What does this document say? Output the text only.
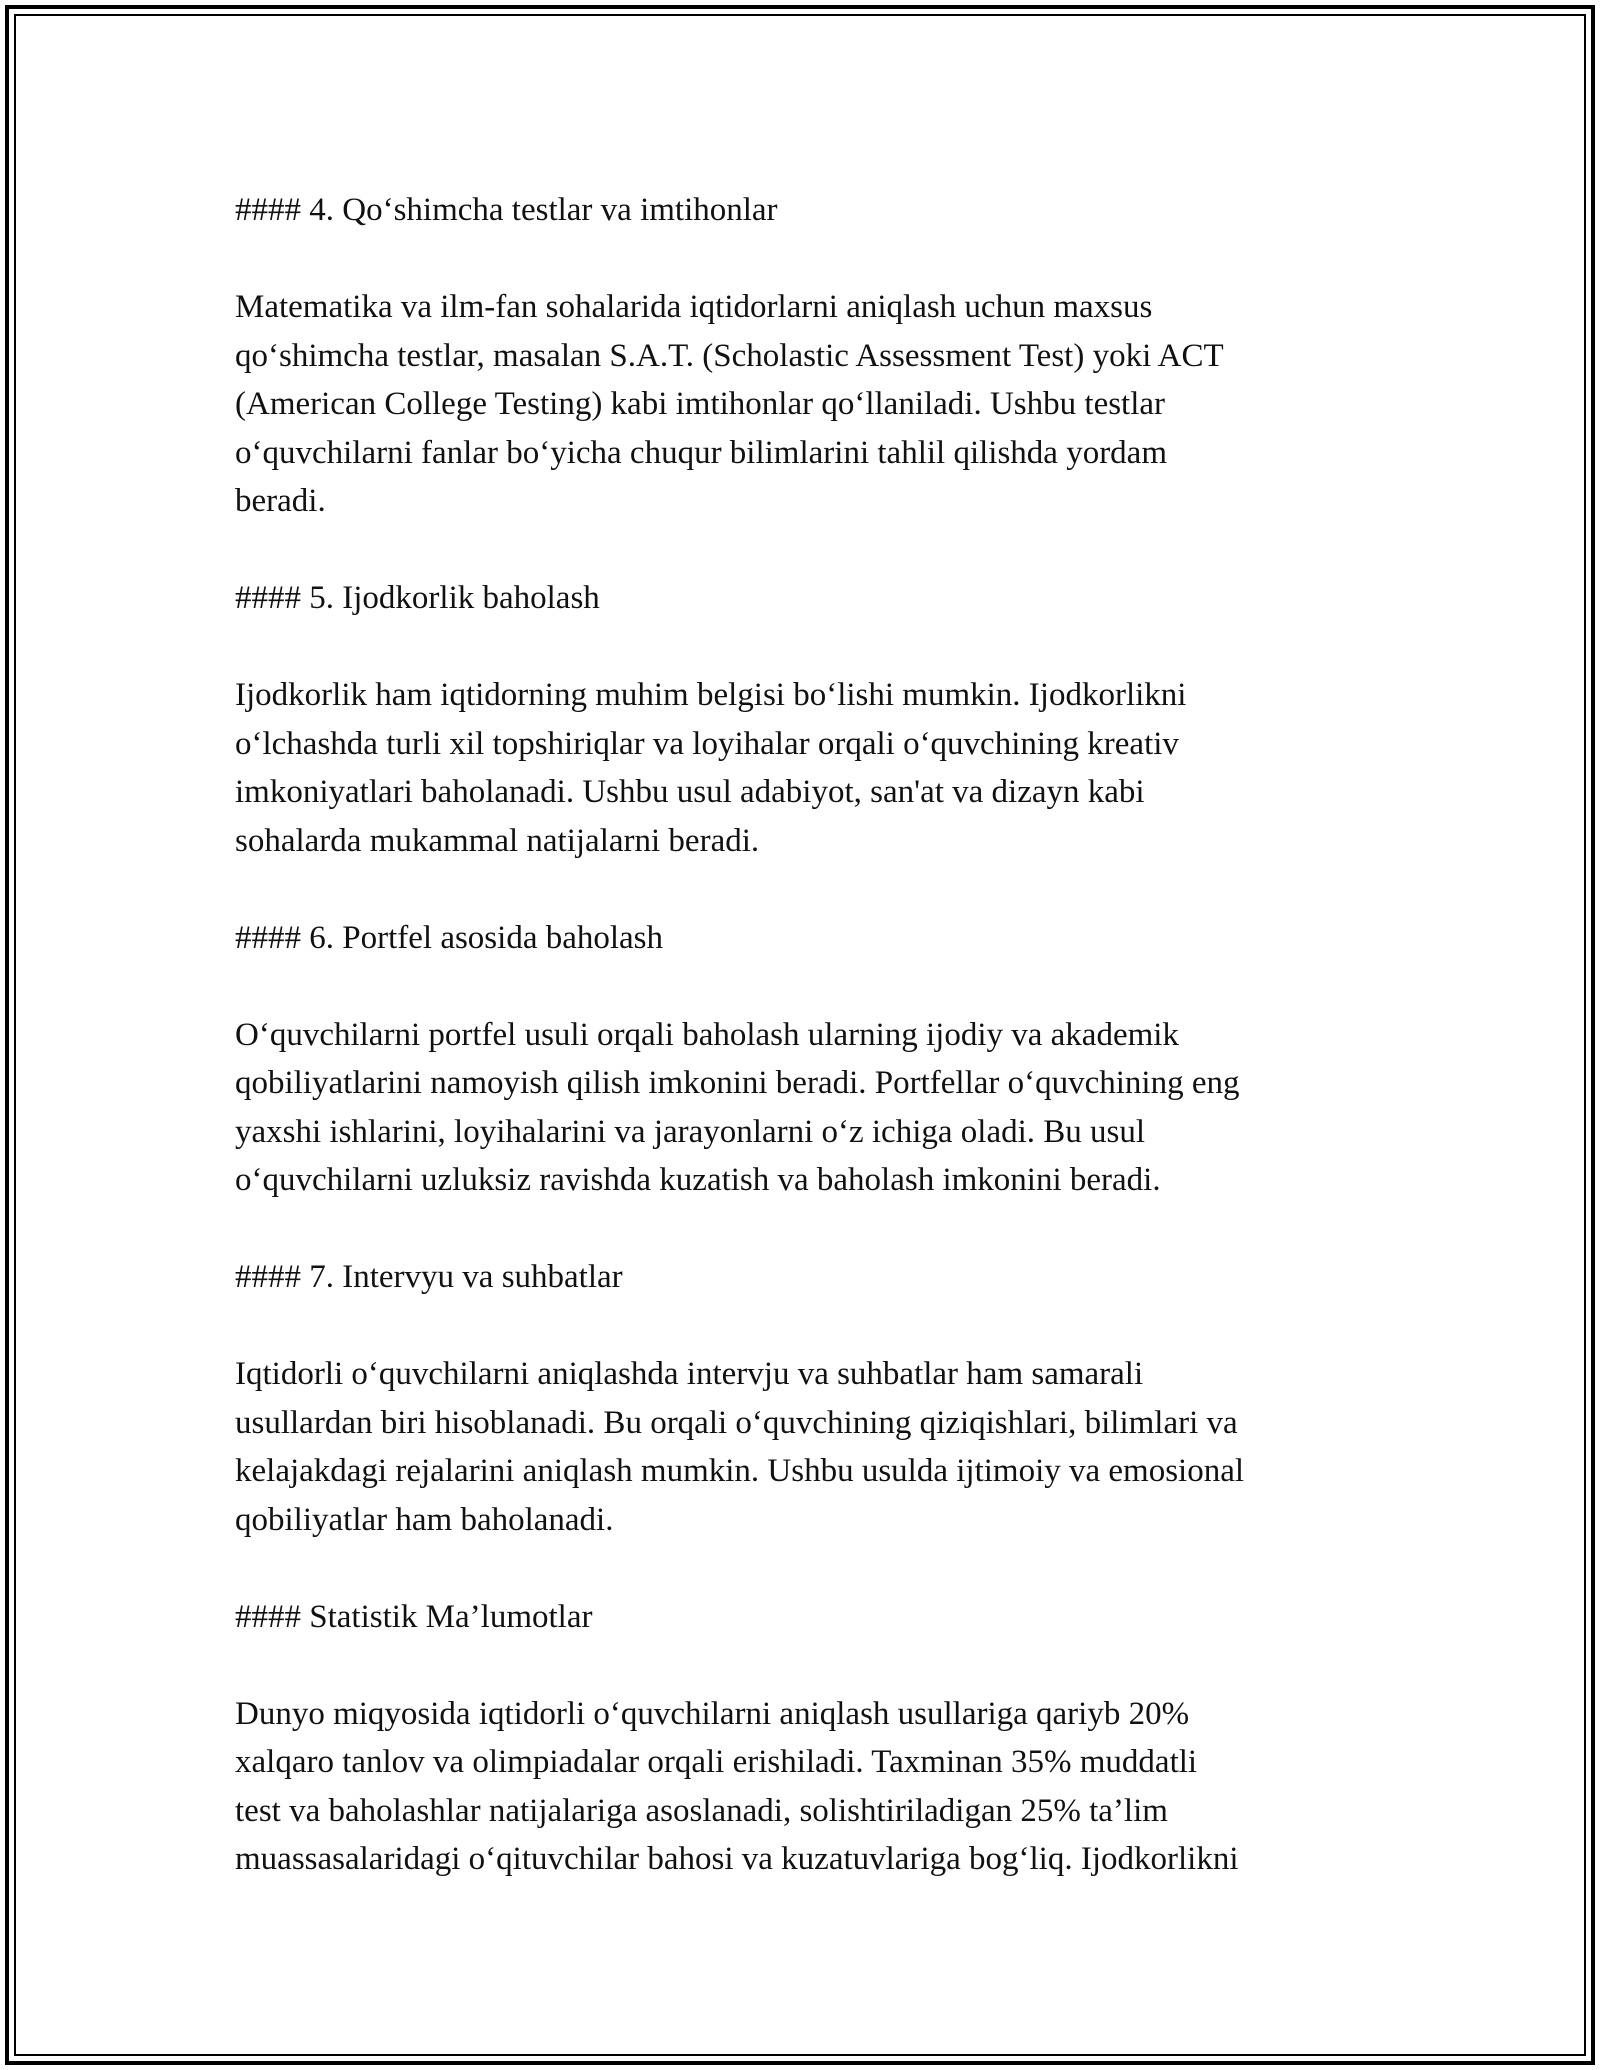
#### 4. Qo‘shimcha testlar va imtihonlar

Matematika va ilm-fan sohalarida iqtidorlarni aniqlash uchun maxsus
qo‘shimcha testlar, masalan S.A.T. (Scholastic Assessment Test) yoki ACT
(American College Testing) kabi imtihonlar qo‘llaniladi. Ushbu testlar
o‘quvchilarni fanlar bo‘yicha chuqur bilimlarini tahlil qilishda yordam
beradi.

#### 5. Ijodkorlik baholash

Ijodkorlik ham iqtidorning muhim belgisi bo‘lishi mumkin. Ijodkorlikni
o‘lchashda turli xil topshiriqlar va loyihalar orqali o‘quvchining kreativ
imkoniyatlari baholanadi. Ushbu usul adabiyot, san'at va dizayn kabi
sohalarda mukammal natijalarni beradi.

#### 6. Portfel asosida baholash

O‘quvchilarni portfel usuli orqali baholash ularning ijodiy va akademik
qobiliyatlarini namoyish qilish imkonini beradi. Portfellar o‘quvchining eng
yaxshi ishlarini, loyihalarini va jarayonlarni o‘z ichiga oladi. Bu usul
o‘quvchilarni uzluksiz ravishda kuzatish va baholash imkonini beradi.

#### 7. Intervyu va suhbatlar

Iqtidorli o‘quvchilarni aniqlashda intervju va suhbatlar ham samarali
usullardan biri hisoblanadi. Bu orqali o‘quvchining qiziqishlari, bilimlari va
kelajakdagi rejalarini aniqlash mumkin. Ushbu usulda ijtimoiy va emosional
qobiliyatlar ham baholanadi.

#### Statistik Ma’lumotlar

Dunyo miqyosida iqtidorli o‘quvchilarni aniqlash usullariga qariyb 20%
xalqaro tanlov va olimpiadalar orqali erishiladi. Taxminan 35% muddatli
test va baholashlar natijalariga asoslanadi, solishtiriladigan 25% ta’lim
muassasalaridagi o‘qituvchilar bahosi va kuzatuvlariga bog‘liq. Ijodkorlikni
